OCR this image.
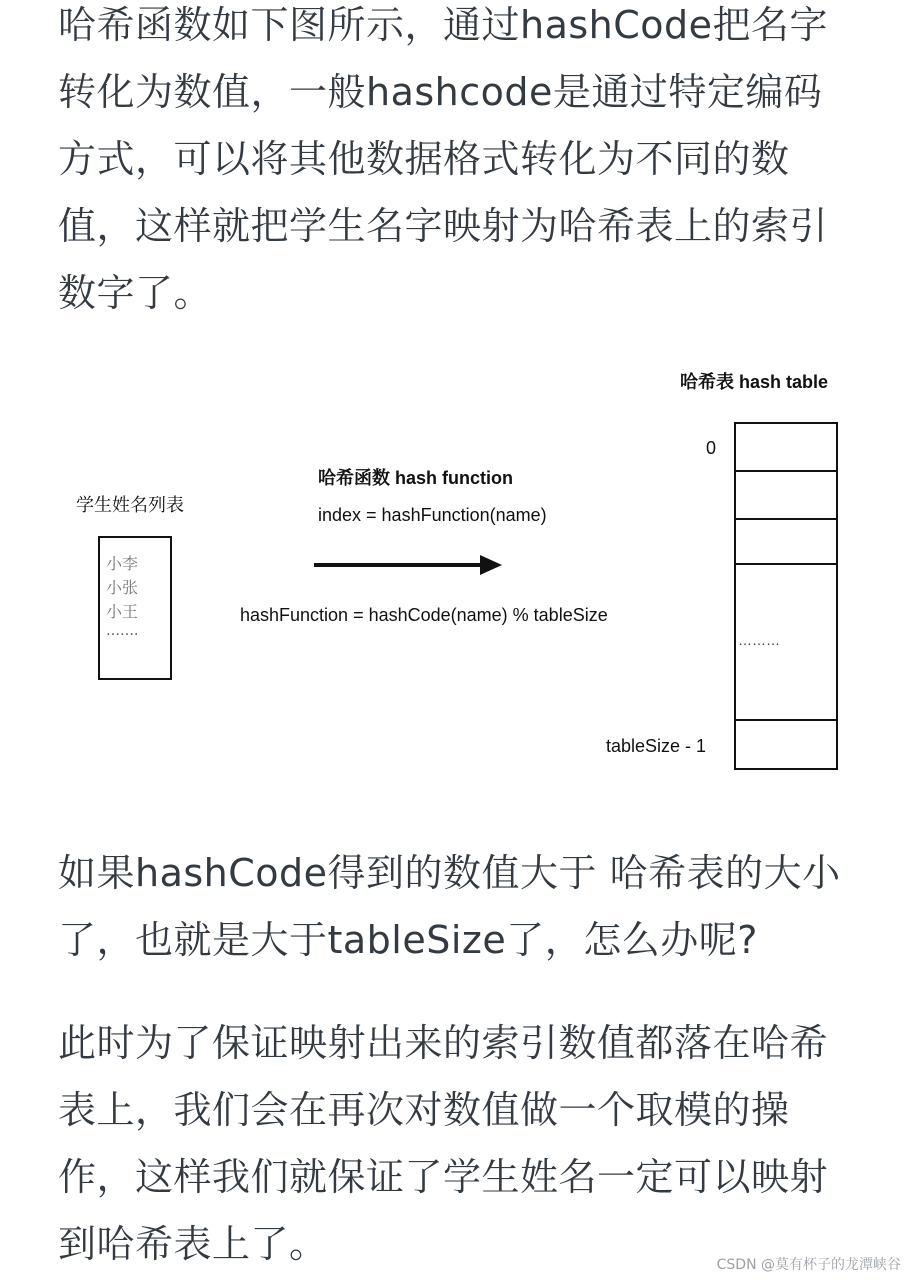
哈希函数如下图所示，通过hashCode把名字转化为数值，一般hashcode是通过特定编码方式，可以将其他数据格式转化为不同的数值，这样就把学生名字映射为哈希表上的索引数字了。

学生姓名列表
小李
小张
小王
…….
哈希函数 hash function
index = hashFunction(name)
hashFunction = hashCode(name) % tableSize
哈希表 hash table
0
tableSize - 1
………

如果hashCode得到的数值大于 哈希表的大小了，也就是大于tableSize了，怎么办呢?

此时为了保证映射出来的索引数值都落在哈希表上，我们会在再次对数值做一个取模的操作，这样我们就保证了学生姓名一定可以映射到哈希表上了。	CSDN @莫有杯子的龙潭峡谷
